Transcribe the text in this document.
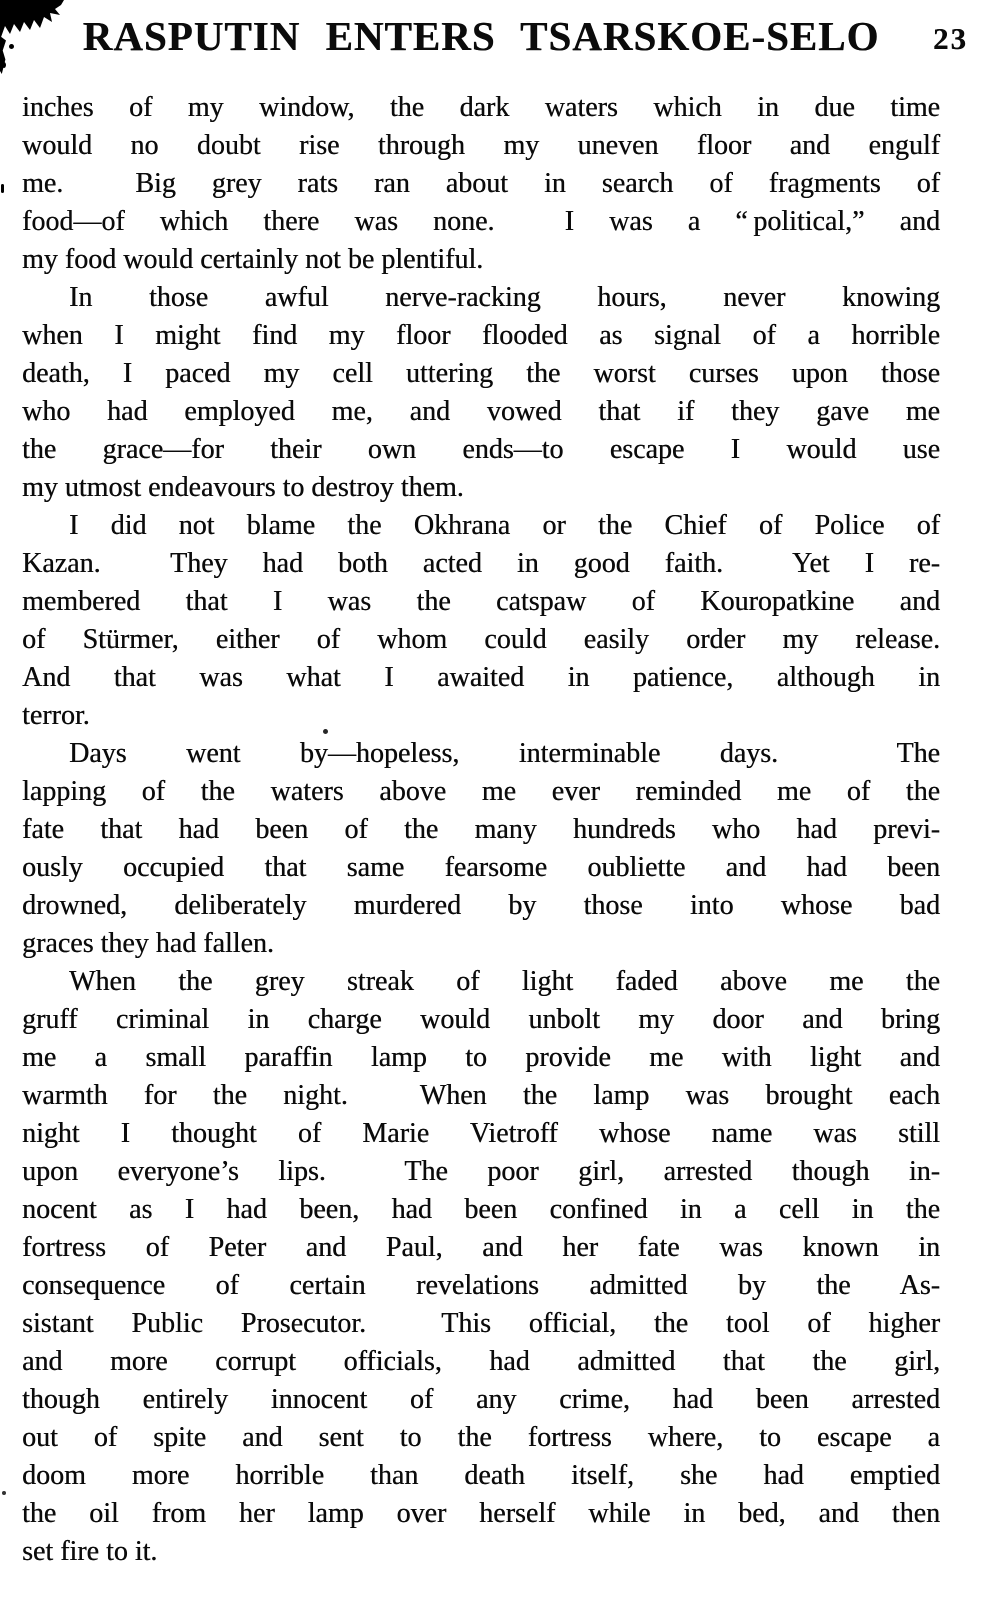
RASPUTIN ENTERS TSARSKOE-SELO	23
inches of my window, the dark waters which in due time
would no doubt rise through my uneven floor and engulf
me.  Big grey rats ran about in search of fragments of
food—of which there was none.  I was a “ political,” and
my food would certainly not be plentiful.
In those awful nerve-racking hours, never knowing
when I might find my floor flooded as signal of a horrible
death, I paced my cell uttering the worst curses upon those
who had employed me, and vowed that if they gave me
the grace—for their own ends—to escape I would use
my utmost endeavours to destroy them.
I did not blame the Okhrana or the Chief of Police of
Kazan.  They had both acted in good faith.  Yet I re-
membered that I was the catspaw of Kouropatkine and
of Stürmer, either of whom could easily order my release.
And that was what I awaited in patience, although in
terror.
Days went by—hopeless, interminable days.  The
lapping of the waters above me ever reminded me of the
fate that had been of the many hundreds who had previ-
ously occupied that same fearsome oubliette and had been
drowned, deliberately murdered by those into whose bad
graces they had fallen.
When the grey streak of light faded above me the
gruff criminal in charge would unbolt my door and bring
me a small paraffin lamp to provide me with light and
warmth for the night.  When the lamp was brought each
night I thought of Marie Vietroff whose name was still
upon everyone’s lips.  The poor girl, arrested though in-
nocent as I had been, had been confined in a cell in the
fortress of Peter and Paul, and her fate was known in
consequence of certain revelations admitted by the As-
sistant Public Prosecutor.  This official, the tool of higher
and more corrupt officials, had admitted that the girl,
though entirely innocent of any crime, had been arrested
out of spite and sent to the fortress where, to escape a
doom more horrible than death itself, she had emptied
the oil from her lamp over herself while in bed, and then
set fire to it.
